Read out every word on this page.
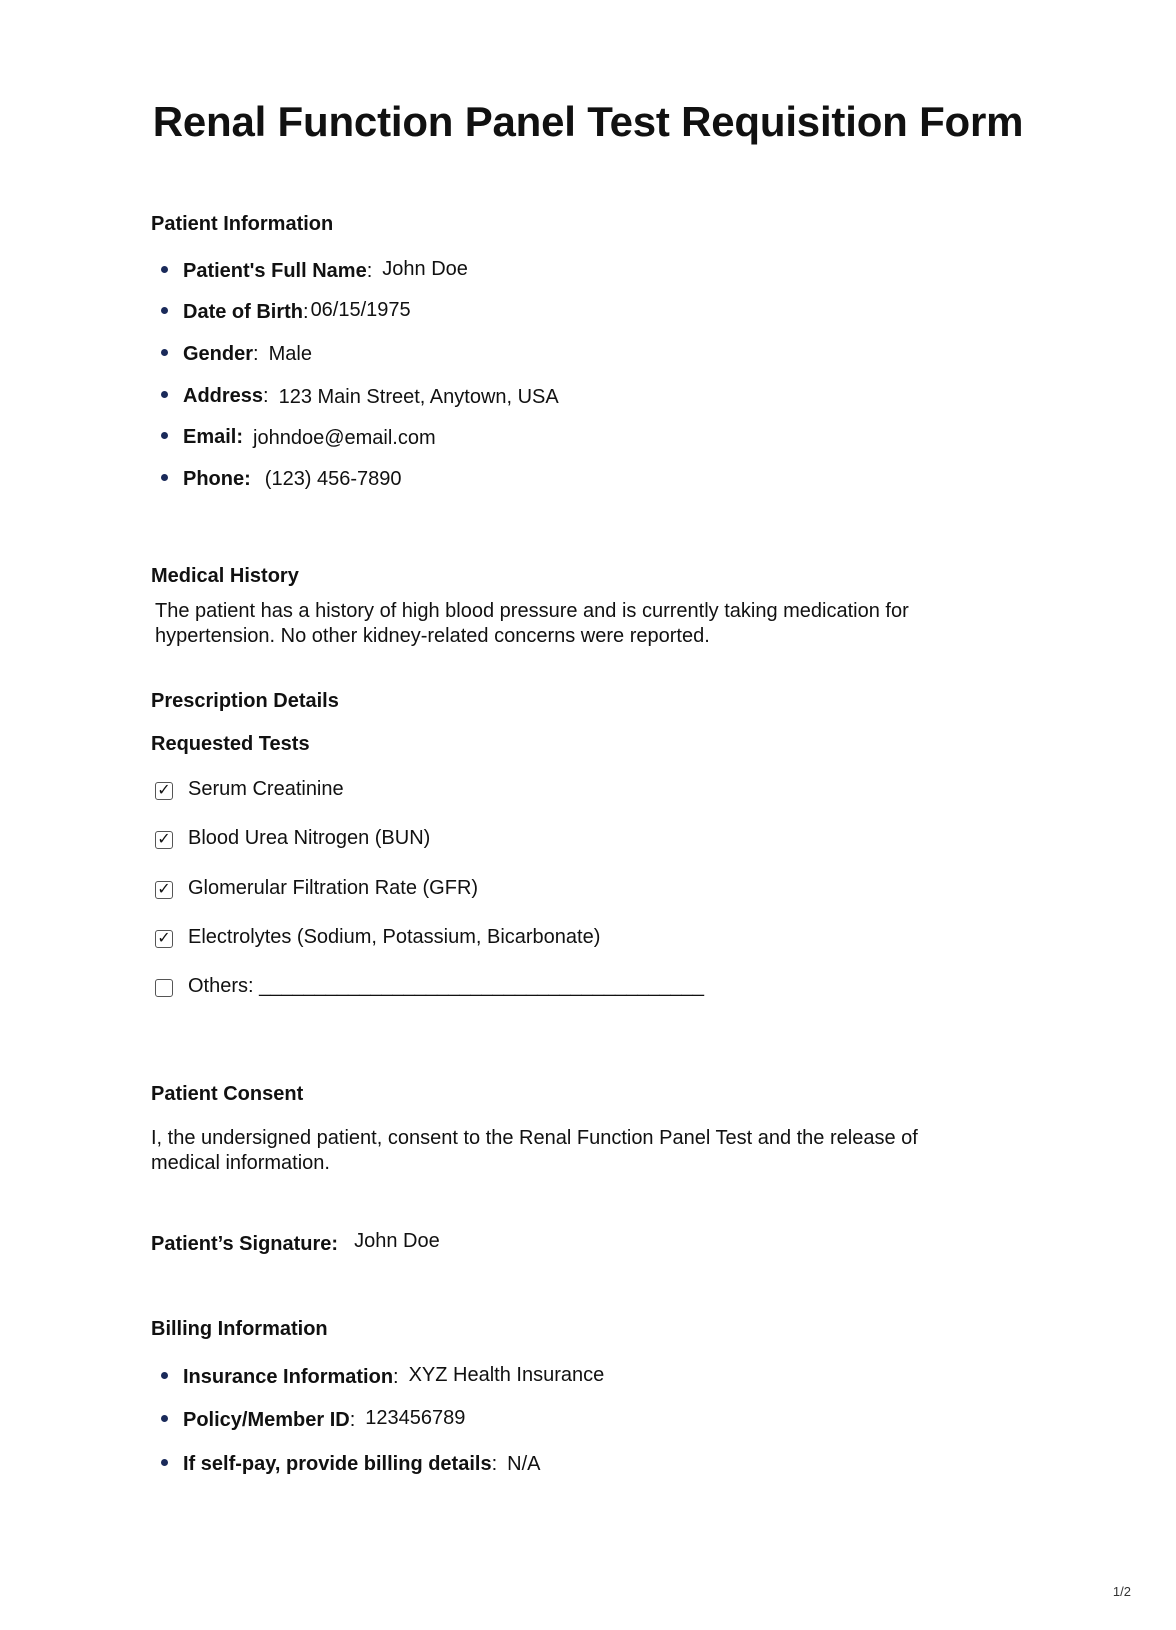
Renal Function Panel Test Requisition Form
Patient Information
Patient's Full Name: John Doe
Date of Birth: 06/15/1975
Gender: Male
Address: 123 Main Street, Anytown, USA
Email: johndoe@email.com
Phone: (123) 456-7890
Medical History
The patient has a history of high blood pressure and is currently taking medication for hypertension. No other kidney-related concerns were reported.
Prescription Details
Requested Tests
✓ Serum Creatinine
✓ Blood Urea Nitrogen (BUN)
✓ Glomerular Filtration Rate (GFR)
✓ Electrolytes (Sodium, Potassium, Bicarbonate)
Others: ________________________________________
Patient Consent
I, the undersigned patient, consent to the Renal Function Panel Test and the release of medical information.
Patient’s Signature: John Doe
Billing Information
Insurance Information: XYZ Health Insurance
Policy/Member ID: 123456789
If self-pay, provide billing details: N/A
1/2
